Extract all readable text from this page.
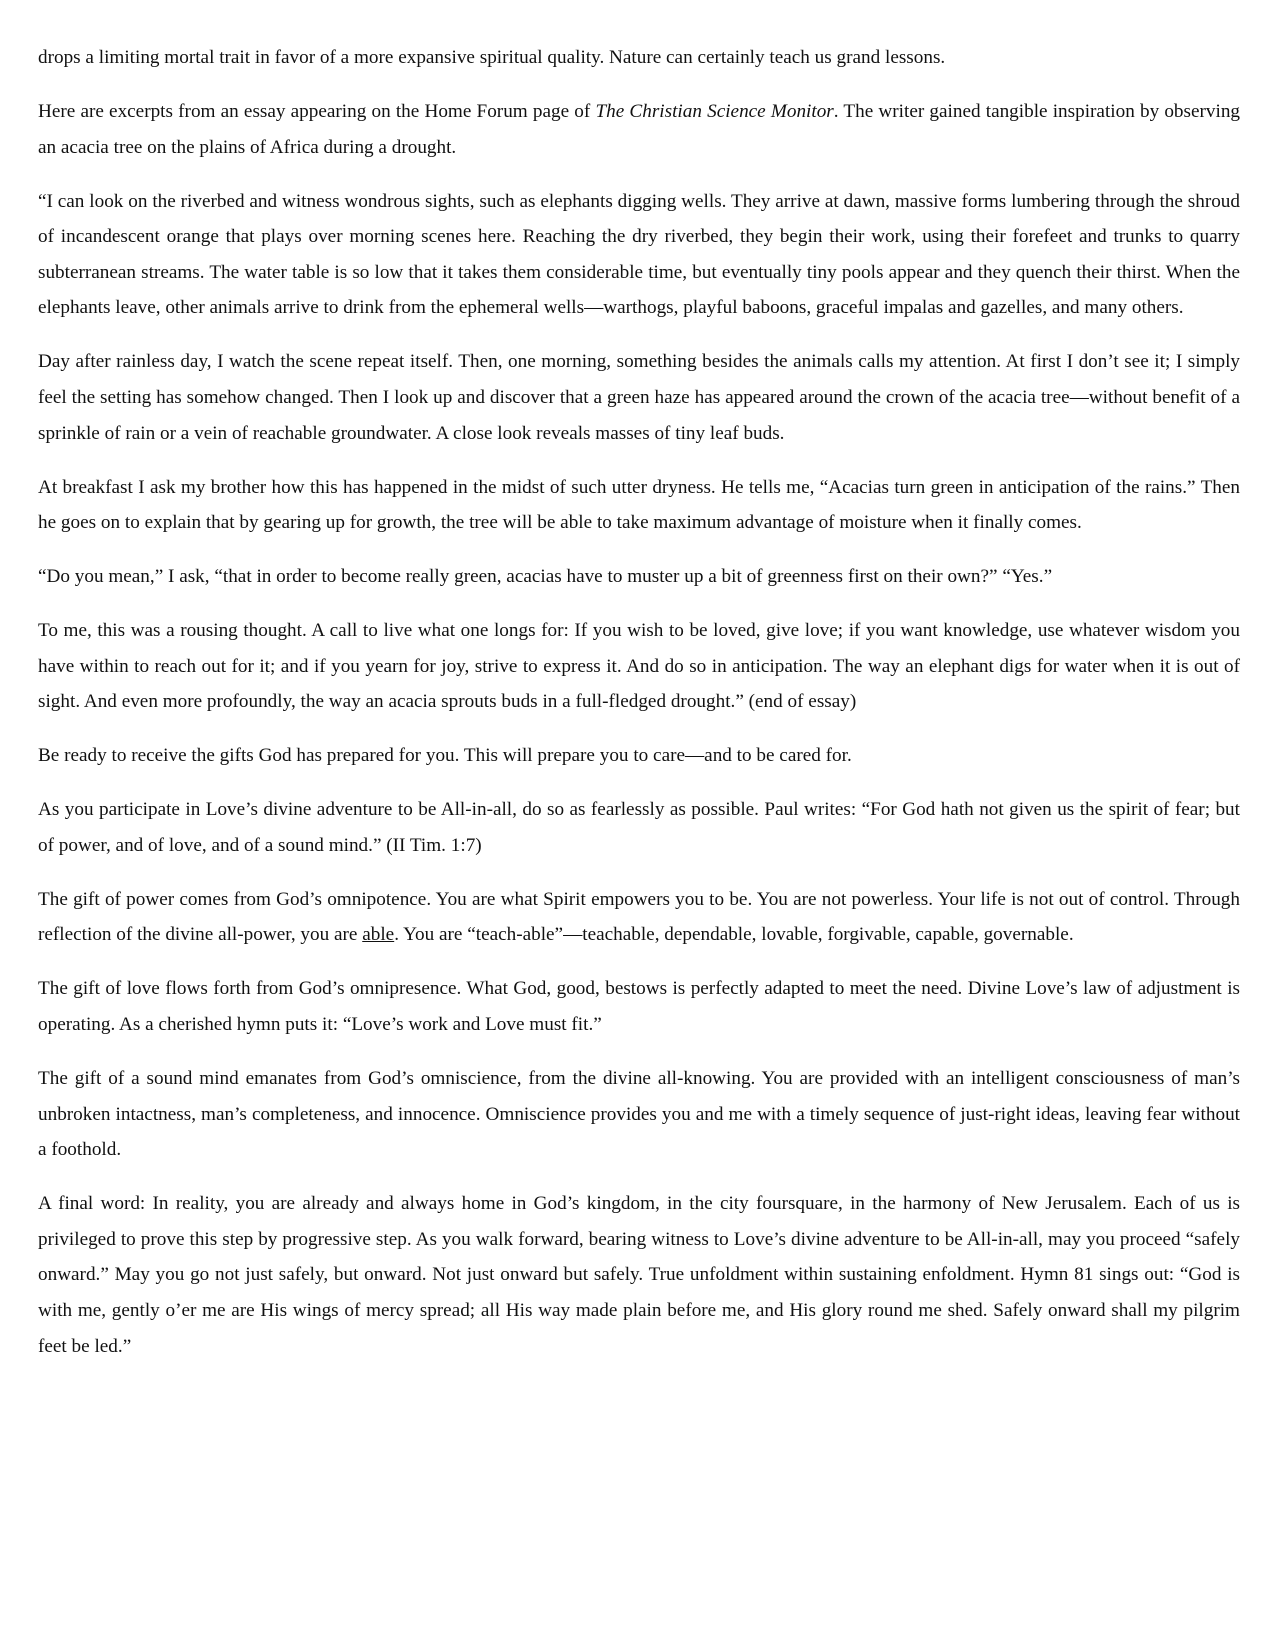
drops a limiting mortal trait in favor of a more expansive spiritual quality. Nature can certainly teach us grand lessons.

Here are excerpts from an essay appearing on the Home Forum page of The Christian Science Monitor. The writer gained tangible inspiration by observing an acacia tree on the plains of Africa during a drought.

“I can look on the riverbed and witness wondrous sights, such as elephants digging wells. They arrive at dawn, massive forms lumbering through the shroud of incandescent orange that plays over morning scenes here. Reaching the dry riverbed, they begin their work, using their forefeet and trunks to quarry subterranean streams. The water table is so low that it takes them considerable time, but eventually tiny pools appear and they quench their thirst. When the elephants leave, other animals arrive to drink from the ephemeral wells—warthogs, playful baboons, graceful impalas and gazelles, and many others.

Day after rainless day, I watch the scene repeat itself. Then, one morning, something besides the animals calls my attention. At first I don’t see it; I simply feel the setting has somehow changed. Then I look up and discover that a green haze has appeared around the crown of the acacia tree—without benefit of a sprinkle of rain or a vein of reachable groundwater. A close look reveals masses of tiny leaf buds.

At breakfast I ask my brother how this has happened in the midst of such utter dryness. He tells me, “Acacias turn green in anticipation of the rains.” Then he goes on to explain that by gearing up for growth, the tree will be able to take maximum advantage of moisture when it finally comes.

“Do you mean,” I ask, “that in order to become really green, acacias have to muster up a bit of greenness first on their own?” “Yes.”

To me, this was a rousing thought. A call to live what one longs for: If you wish to be loved, give love; if you want knowledge, use whatever wisdom you have within to reach out for it; and if you yearn for joy, strive to express it. And do so in anticipation. The way an elephant digs for water when it is out of sight. And even more profoundly, the way an acacia sprouts buds in a full-fledged drought.” (end of essay)

Be ready to receive the gifts God has prepared for you. This will prepare you to care—and to be cared for.

As you participate in Love’s divine adventure to be All-in-all, do so as fearlessly as possible. Paul writes: “For God hath not given us the spirit of fear; but of power, and of love, and of a sound mind.” (II Tim. 1:7)

The gift of power comes from God’s omnipotence. You are what Spirit empowers you to be. You are not powerless. Your life is not out of control. Through reflection of the divine all-power, you are able. You are “teach-able”—teachable, dependable, lovable, forgivable, capable, governable.

The gift of love flows forth from God’s omnipresence. What God, good, bestows is perfectly adapted to meet the need. Divine Love’s law of adjustment is operating. As a cherished hymn puts it: “Love’s work and Love must fit.”

The gift of a sound mind emanates from God’s omniscience, from the divine all-knowing. You are provided with an intelligent consciousness of man’s unbroken intactness, man’s completeness, and innocence. Omniscience provides you and me with a timely sequence of just-right ideas, leaving fear without a foothold.

A final word: In reality, you are already and always home in God’s kingdom, in the city foursquare, in the harmony of New Jerusalem. Each of us is privileged to prove this step by progressive step. As you walk forward, bearing witness to Love’s divine adventure to be All-in-all, may you proceed “safely onward.” May you go not just safely, but onward. Not just onward but safely. True unfoldment within sustaining enfoldment. Hymn 81 sings out: “God is with me, gently o’er me are His wings of mercy spread; all His way made plain before me, and His glory round me shed. Safely onward shall my pilgrim feet be led.”
